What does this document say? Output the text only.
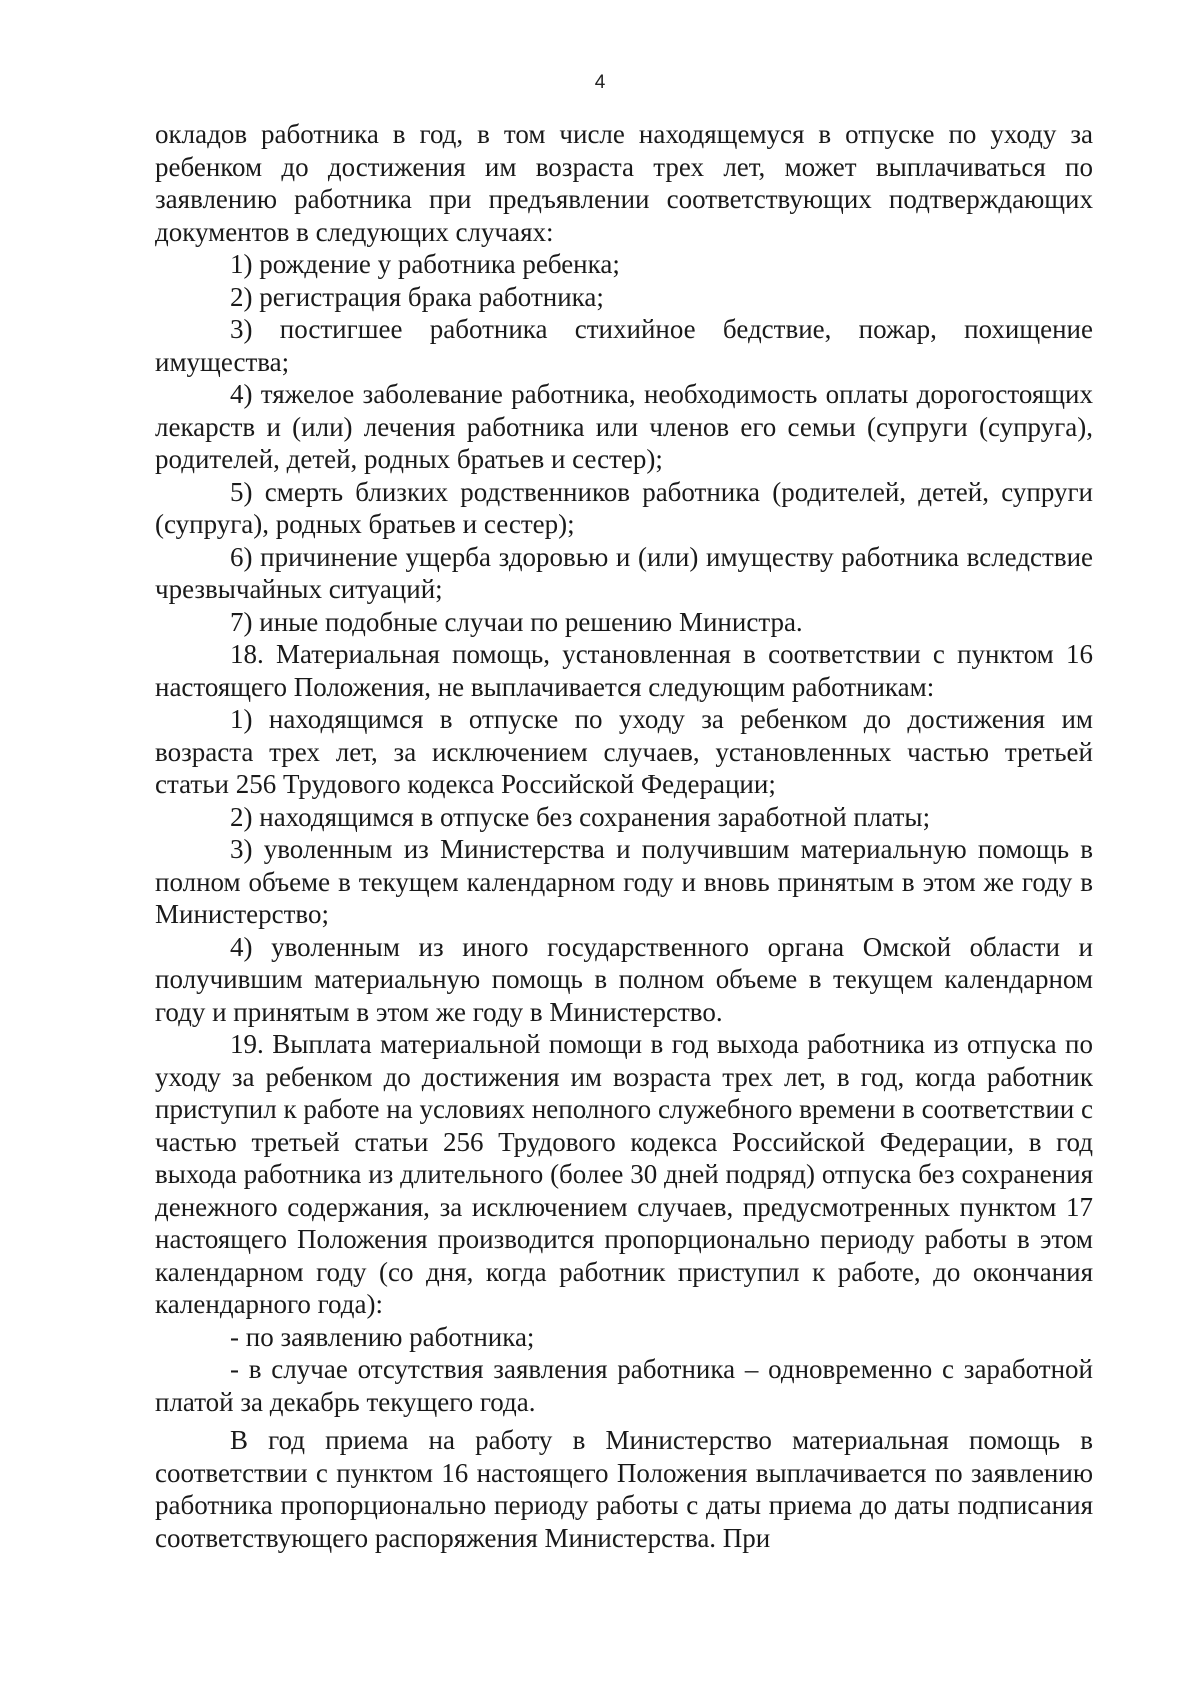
4

окладов работника в год, в том числе находящемуся в отпуске по уходу за ребенком до достижения им возраста трех лет, может выплачиваться по заявлению работника при предъявлении соответствующих подтверждающих документов в следующих случаях:

1) рождение у работника ребенка;

2) регистрация брака работника;

3) постигшее работника стихийное бедствие, пожар, похищение имущества;

4) тяжелое заболевание работника, необходимость оплаты дорогостоящих лекарств и (или) лечения работника или членов его семьи (супруги (супруга), родителей, детей, родных братьев и сестер);

5) смерть близких родственников работника (родителей, детей, супруги (супруга), родных братьев и сестер);

6) причинение ущерба здоровью и (или) имуществу работника вследствие чрезвычайных ситуаций;

7) иные подобные случаи по решению Министра.

18. Материальная помощь, установленная в соответствии с пунктом 16 настоящего Положения, не выплачивается следующим работникам:

1) находящимся в отпуске по уходу за ребенком до достижения им возраста трех лет, за исключением случаев, установленных частью третьей статьи 256 Трудового кодекса Российской Федерации;

2) находящимся в отпуске без сохранения заработной платы;

3) уволенным из Министерства и получившим материальную помощь в полном объеме в текущем календарном году и вновь принятым в этом же году в Министерство;

4) уволенным из иного государственного органа Омской области и получившим материальную помощь в полном объеме в текущем календарном году и принятым в этом же году в Министерство.

19. Выплата материальной помощи в год выхода работника из отпуска по уходу за ребенком до достижения им возраста трех лет, в год, когда работник приступил к работе на условиях неполного служебного времени в соответствии с частью третьей статьи 256 Трудового кодекса Российской Федерации, в год выхода работника из длительного (более 30 дней подряд) отпуска без сохранения денежного содержания, за исключением случаев, предусмотренных пунктом 17 настоящего Положения производится пропорционально периоду работы в этом календарном году (со дня, когда работник приступил к работе, до окончания календарного года):

- по заявлению работника;

- в случае отсутствия заявления работника – одновременно с заработной платой за декабрь текущего года.

В год приема на работу в Министерство материальная помощь в соответствии с пунктом 16 настоящего Положения выплачивается по заявлению работника пропорционально периоду работы с даты приема до даты подписания соответствующего распоряжения Министерства. При
